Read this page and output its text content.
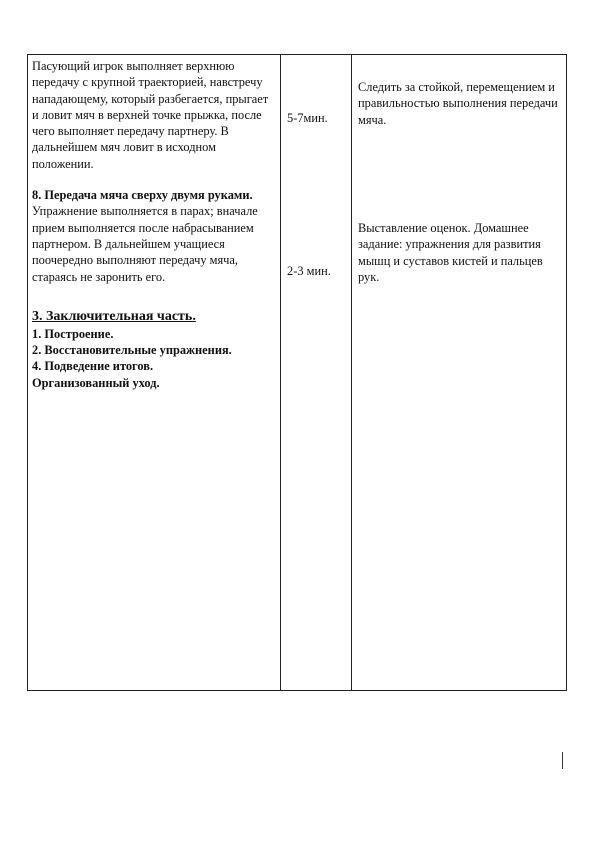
Пасующий игрок выполняет верхнюю передачу с крупной траекторией, навстречу нападающему, который разбегается, прыгает и ловит мяч в верхней точке прыжка, после чего выполняет передачу партнеру. В дальнейшем мяч ловит в исходном положении.

8. Передача мяча сверху двумя руками.

Упражнение выполняется в парах; вначале прием выполняется после набрасыванием партнером. В дальнейшем учащиеся поочередно выполняют передачу мяча, стараясь не заронить его.

3. Заключительная часть.

1. Построение.

2. Восстановительные упражнения.

4. Подведение итогов.

Организованный уход.

5-7мин.

2-3 мин.

Следить за стойкой, перемещением и правильностью выполнения передачи мяча.

Выставление оценок. Домашнее задание: упражнения для развития мышц и суставов кистей и пальцев рук.
